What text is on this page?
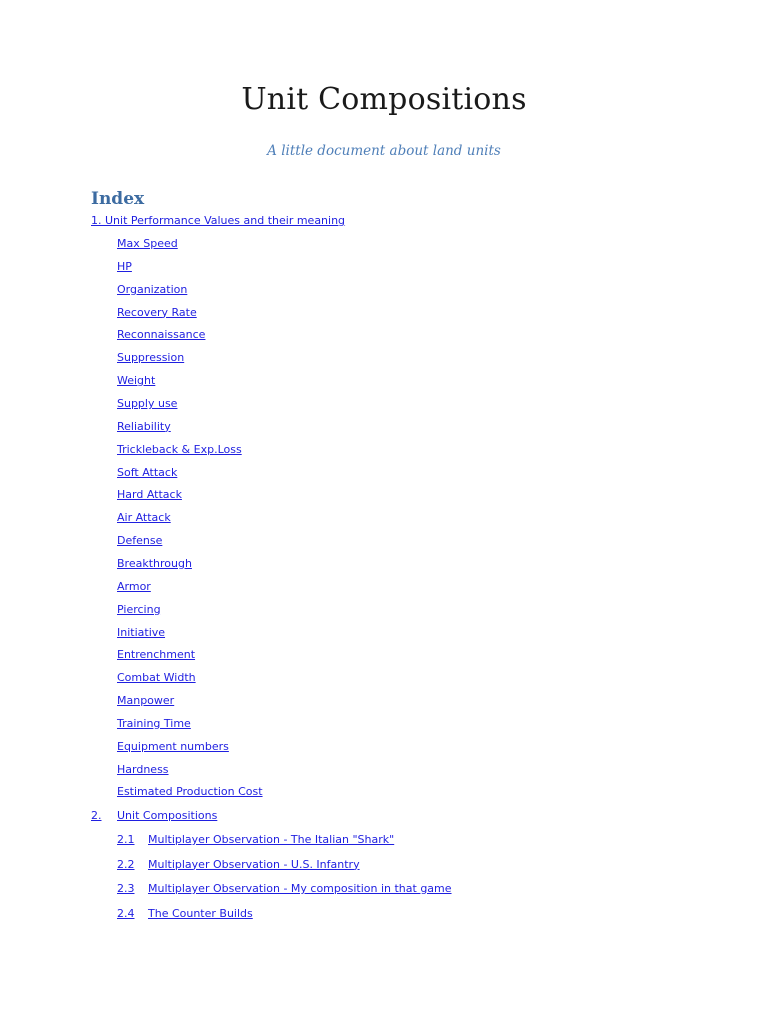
Unit Compositions
A little document about land units
Index
1. Unit Performance Values and their meaning
Max Speed
HP
Organization
Recovery Rate
Reconnaissance
Suppression
Weight
Supply use
Reliability
Trickleback & Exp.Loss
Soft Attack
Hard Attack
Air Attack
Defense
Breakthrough
Armor
Piercing
Initiative
Entrenchment
Combat Width
Manpower
Training Time
Equipment numbers
Hardness
Estimated Production Cost
2. Unit Compositions
2.1 Multiplayer Observation - The Italian "Shark"
2.2 Multiplayer Observation - U.S. Infantry
2.3 Multiplayer Observation - My composition in that game
2.4 The Counter Builds
